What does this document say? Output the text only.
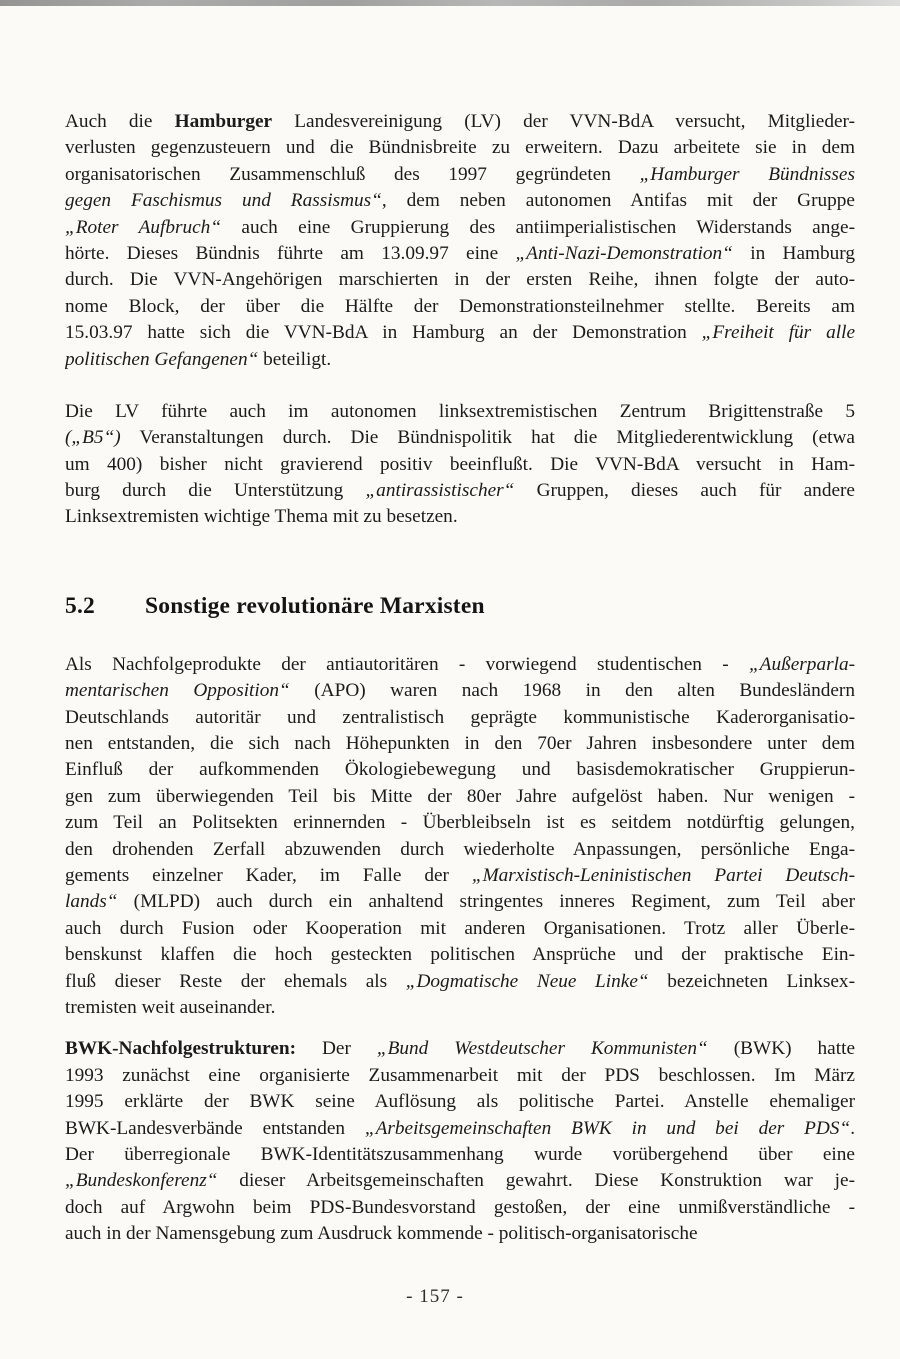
Auch die Hamburger Landesvereinigung (LV) der VVN-BdA versucht, Mitglieder-
verlusten gegenzusteuern und die Bündnisbreite zu erweitern. Dazu arbeitete sie in dem
organisatorischen Zusammenschluß des 1997 gegründeten „Hamburger Bündnisses
gegen Faschismus und Rassismus“, dem neben autonomen Antifas mit der Gruppe
„Roter Aufbruch“ auch eine Gruppierung des antiimperialistischen Widerstands ange-
hörte. Dieses Bündnis führte am 13.09.97 eine „Anti-Nazi-Demonstration“ in Hamburg
durch. Die VVN-Angehörigen marschierten in der ersten Reihe, ihnen folgte der auto-
nome Block, der über die Hälfte der Demonstrationsteilnehmer stellte. Bereits am
15.03.97 hatte sich die VVN-BdA in Hamburg an der Demonstration „Freiheit für alle
politischen Gefangenen“ beteiligt.
Die LV führte auch im autonomen linksextremistischen Zentrum Brigittenstraße 5
(„B5“) Veranstaltungen durch. Die Bündnispolitik hat die Mitgliederentwicklung (etwa
um 400) bisher nicht gravierend positiv beeinflußt. Die VVN-BdA versucht in Ham-
burg durch die Unterstützung „antirassistischer“ Gruppen, dieses auch für andere
Linksextremisten wichtige Thema mit zu besetzen.
5.2 Sonstige revolutionäre Marxisten
Als Nachfolgeprodukte der antiautoritären - vorwiegend studentischen - „Außerparla-
mentarischen Opposition“ (APO) waren nach 1968 in den alten Bundesländern
Deutschlands autoritär und zentralistisch geprägte kommunistische Kaderorganisatio-
nen entstanden, die sich nach Höhepunkten in den 70er Jahren insbesondere unter dem
Einfluß der aufkommenden Ökologiebewegung und basisdemokratischer Gruppierun-
gen zum überwiegenden Teil bis Mitte der 80er Jahre aufgelöst haben. Nur wenigen -
zum Teil an Politsekten erinnernden - Überbleibseln ist es seitdem notdürftig gelungen,
den drohenden Zerfall abzuwenden durch wiederholte Anpassungen, persönliche Enga-
gements einzelner Kader, im Falle der „Marxistisch-Leninistischen Partei Deutsch-
lands“ (MLPD) auch durch ein anhaltend stringentes inneres Regiment, zum Teil aber
auch durch Fusion oder Kooperation mit anderen Organisationen. Trotz aller Überle-
benskunst klaffen die hoch gesteckten politischen Ansprüche und der praktische Ein-
fluß dieser Reste der ehemals als „Dogmatische Neue Linke“ bezeichneten Linksex-
tremisten weit auseinander.
BWK-Nachfolgestrukturen: Der „Bund Westdeutscher Kommunisten“ (BWK) hatte
1993 zunächst eine organisierte Zusammenarbeit mit der PDS beschlossen. Im März
1995 erklärte der BWK seine Auflösung als politische Partei. Anstelle ehemaliger
BWK-Landesverbände entstanden „Arbeitsgemeinschaften BWK in und bei der PDS“.
Der überregionale BWK-Identitätszusammenhang wurde vorübergehend über eine
„Bundeskonferenz“ dieser Arbeitsgemeinschaften gewahrt. Diese Konstruktion war je-
doch auf Argwohn beim PDS-Bundesvorstand gestoßen, der eine unmißverständliche -
auch in der Namensgebung zum Ausdruck kommende - politisch-organisatorische
- 157 -
